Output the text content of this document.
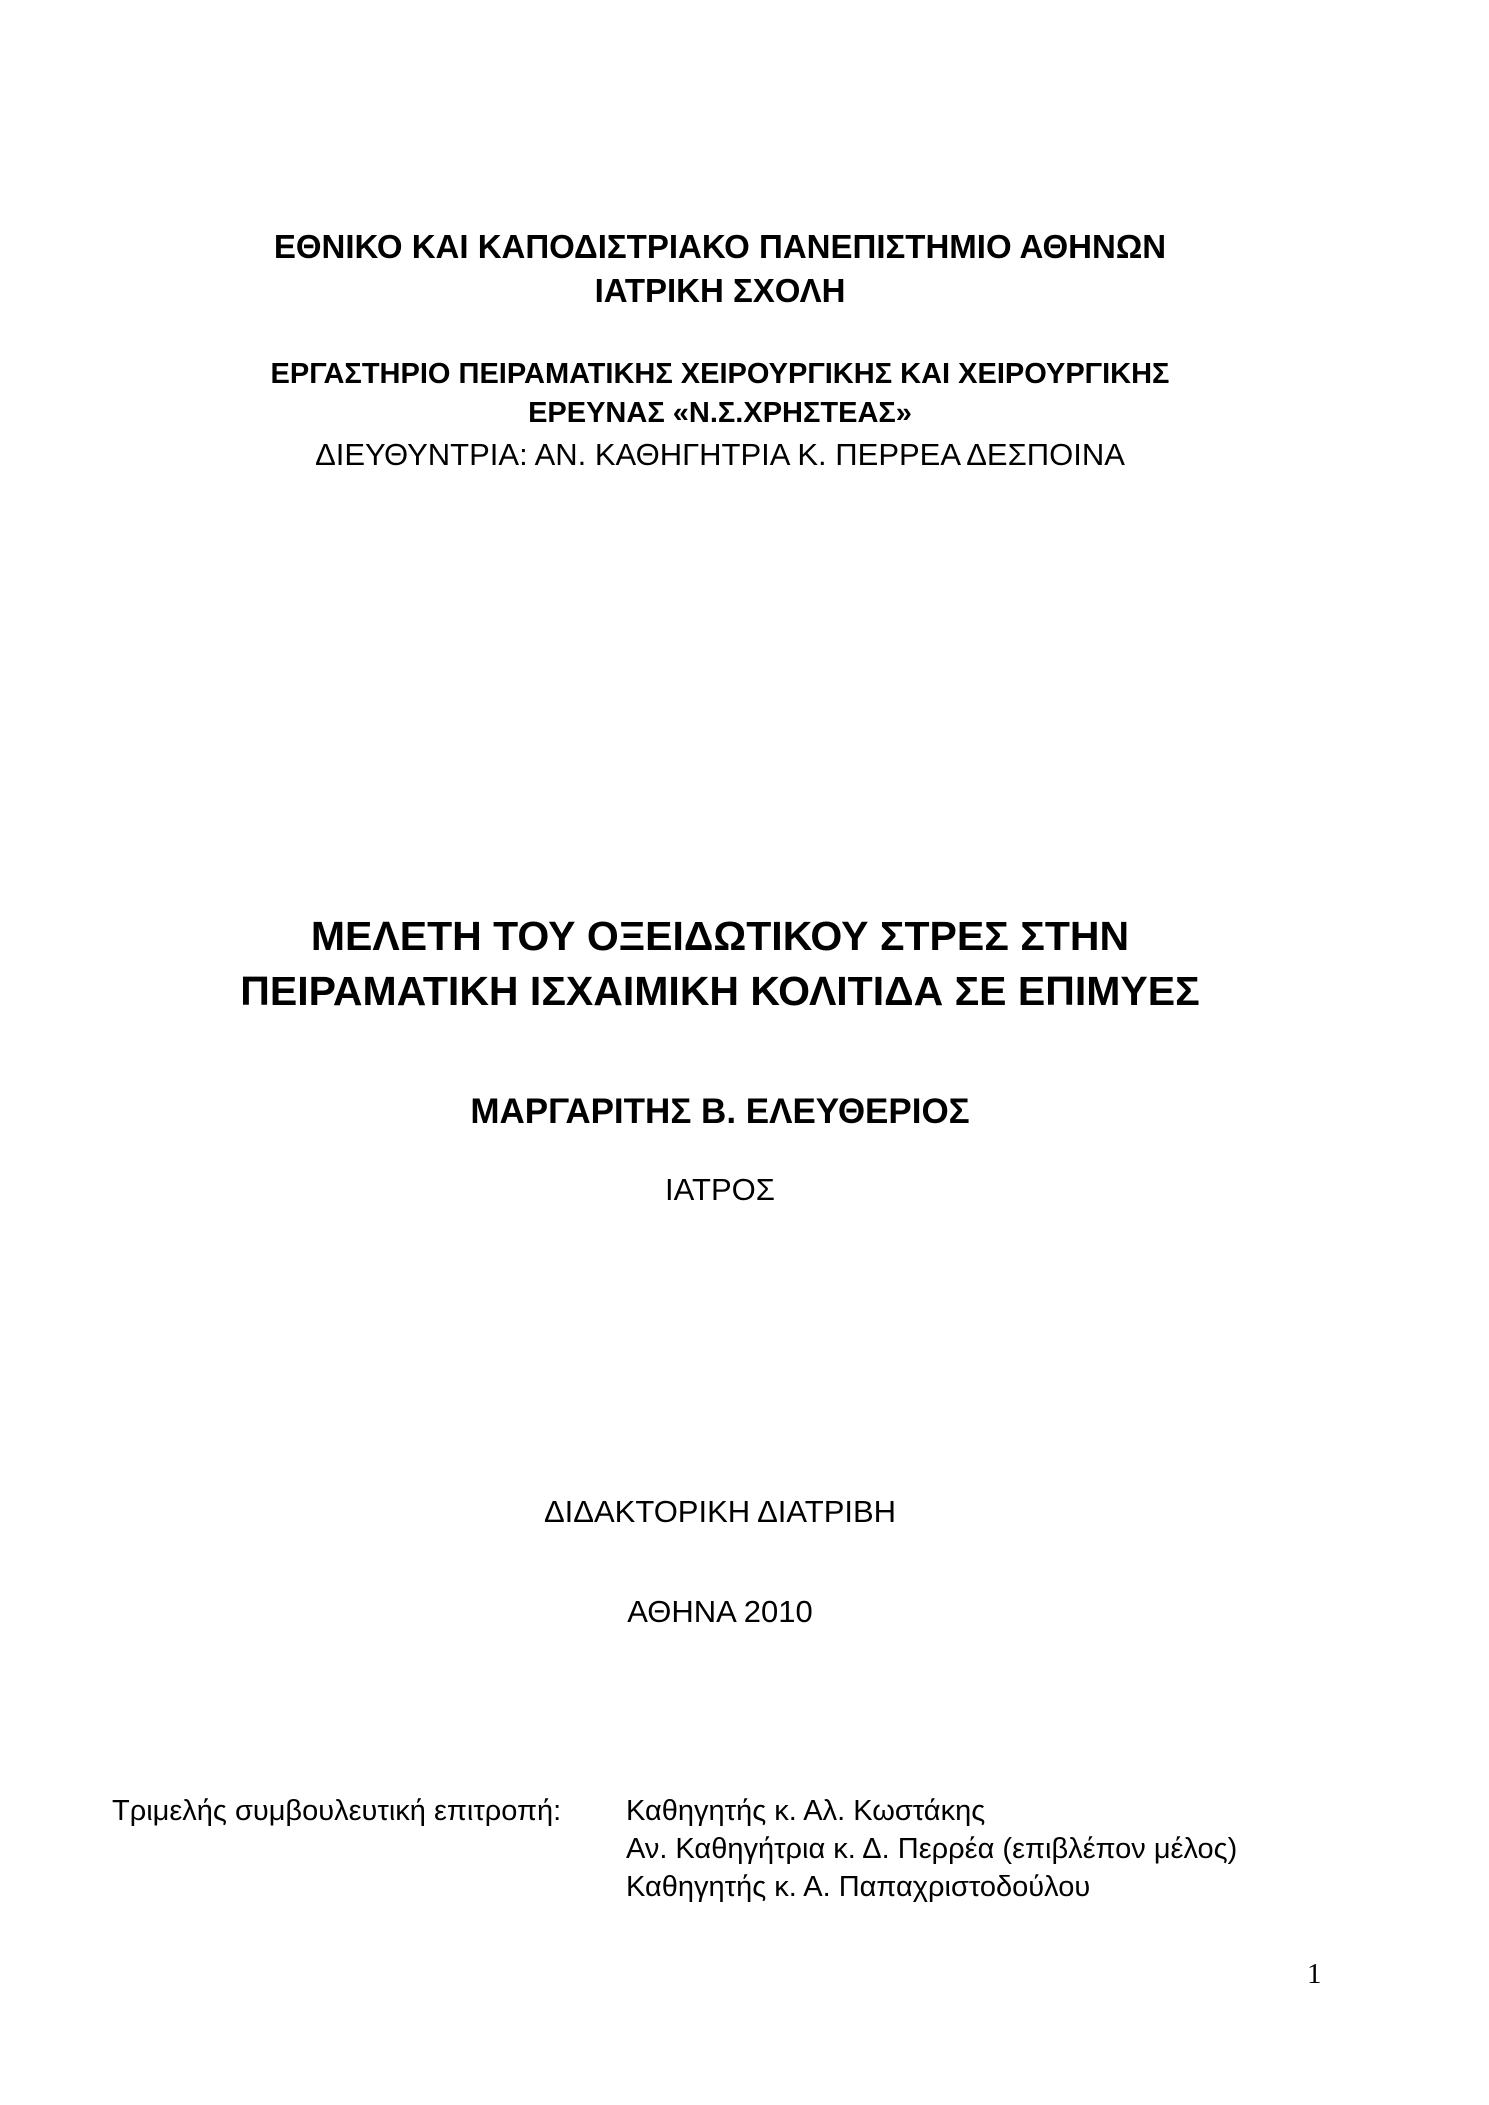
ΕΘΝΙΚΟ ΚΑΙ ΚΑΠΟΔΙΣΤΡΙΑΚΟ ΠΑΝΕΠΙΣΤΗΜΙΟ ΑΘΗΝΩΝ
ΙΑΤΡΙΚΗ ΣΧΟΛΗ
ΕΡΓΑΣΤΗΡΙΟ ΠΕΙΡΑΜΑΤΙΚΗΣ ΧΕΙΡΟΥΡΓΙΚΗΣ ΚΑΙ ΧΕΙΡΟΥΡΓΙΚΗΣ
ΕΡΕΥΝΑΣ «Ν.Σ.ΧΡΗΣΤΕΑΣ»
ΔΙΕΥΘΥΝΤΡΙΑ: ΑΝ. ΚΑΘΗΓΗΤΡΙΑ Κ. ΠΕΡΡΕΑ ΔΕΣΠΟΙΝΑ
ΜΕΛΕΤΗ ΤΟΥ ΟΞΕΙΔΩΤΙΚΟΥ ΣΤΡΕΣ ΣΤΗΝ
ΠΕΙΡΑΜΑΤΙΚΗ ΙΣΧΑΙΜΙΚΗ ΚΟΛΙΤΙΔΑ ΣΕ ΕΠΙΜΥΕΣ
ΜΑΡΓΑΡΙΤΗΣ Β. ΕΛΕΥΘΕΡΙΟΣ
ΙΑΤΡΟΣ
ΔΙΔΑΚΤΟΡΙΚΗ ΔΙΑΤΡΙΒΗ
ΑΘΗΝΑ 2010
Τριμελής συμβουλευτική επιτροπή: Καθηγητής κ. Αλ. Κωστάκης
Αν. Καθηγήτρια κ. Δ. Περρέα (επιβλέπον μέλος)
Καθηγητής κ. Α. Παπαχριστοδούλου
1
